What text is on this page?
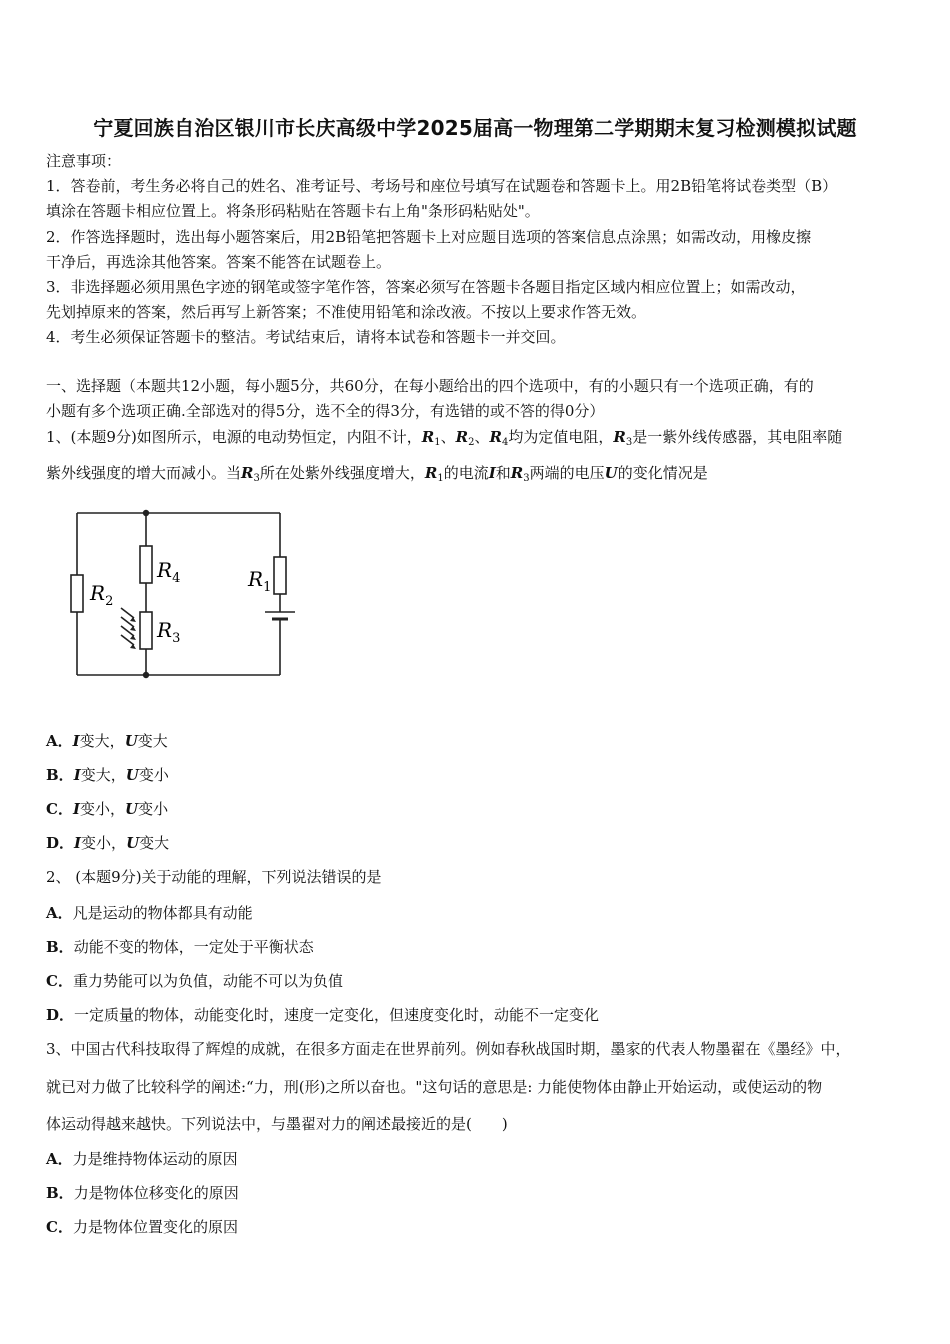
宁夏回族自治区银川市长庆高级中学2025届高一物理第二学期期末复习检测模拟试题
注意事项：
1．答卷前，考生务必将自己的姓名、准考证号、考场号和座位号填写在试题卷和答题卡上。用2B铅笔将试卷类型（B）
填涂在答题卡相应位置上。将条形码粘贴在答题卡右上角"条形码粘贴处"。
2．作答选择题时，选出每小题答案后，用2B铅笔把答题卡上对应题目选项的答案信息点涂黑；如需改动，用橡皮擦
干净后，再选涂其他答案。答案不能答在试题卷上。
3．非选择题必须用黑色字迹的钢笔或签字笔作答，答案必须写在答题卡各题目指定区域内相应位置上；如需改动，
先划掉原来的答案，然后再写上新答案；不准使用铅笔和涂改液。不按以上要求作答无效。
4．考生必须保证答题卡的整洁。考试结束后，请将本试卷和答题卡一并交回。
一、选择题（本题共12小题，每小题5分，共60分，在每小题给出的四个选项中，有的小题只有一个选项正确，有的
小题有多个选项正确.全部选对的得5分，选不全的得3分，有选错的或不答的得0分）
1、(本题9分)如图所示，电源的电动势恒定，内阻不计，$R_1$、$R_2$、$R_4$均为定值电阻，$R_3$是一紫外线传感器，其电阻率随
紫外线强度的增大而减小。当$R_3$所在处紫外线强度增大，$R_1$的电流I和$R_3$两端的电压U的变化情况是
$R_2$
$R_4$
$R_3$
$R_1$
A．I变大，U变大
B．I变大，U变小
C．I变小，U变小
D．I变小，U变大
2、 (本题9分)关于动能的理解，下列说法错误的是
A．凡是运动的物体都具有动能
B．动能不变的物体，一定处于平衡状态
C．重力势能可以为负值，动能不可以为负值
D．一定质量的物体，动能变化时，速度一定变化，但速度变化时，动能不一定变化
3、中国古代科技取得了辉煌的成就，在很多方面走在世界前列。例如春秋战国时期，墨家的代表人物墨翟在《墨经》中，
就已对力做了比较科学的阐述:“力，刑(形)之所以奋也。"这句话的意思是: 力能使物体由静止开始运动，或使运动的物
体运动得越来越快。下列说法中，与墨翟对力的阐述最接近的是(　　)
A．力是维持物体运动的原因
B．力是物体位移变化的原因
C．力是物体位置变化的原因
